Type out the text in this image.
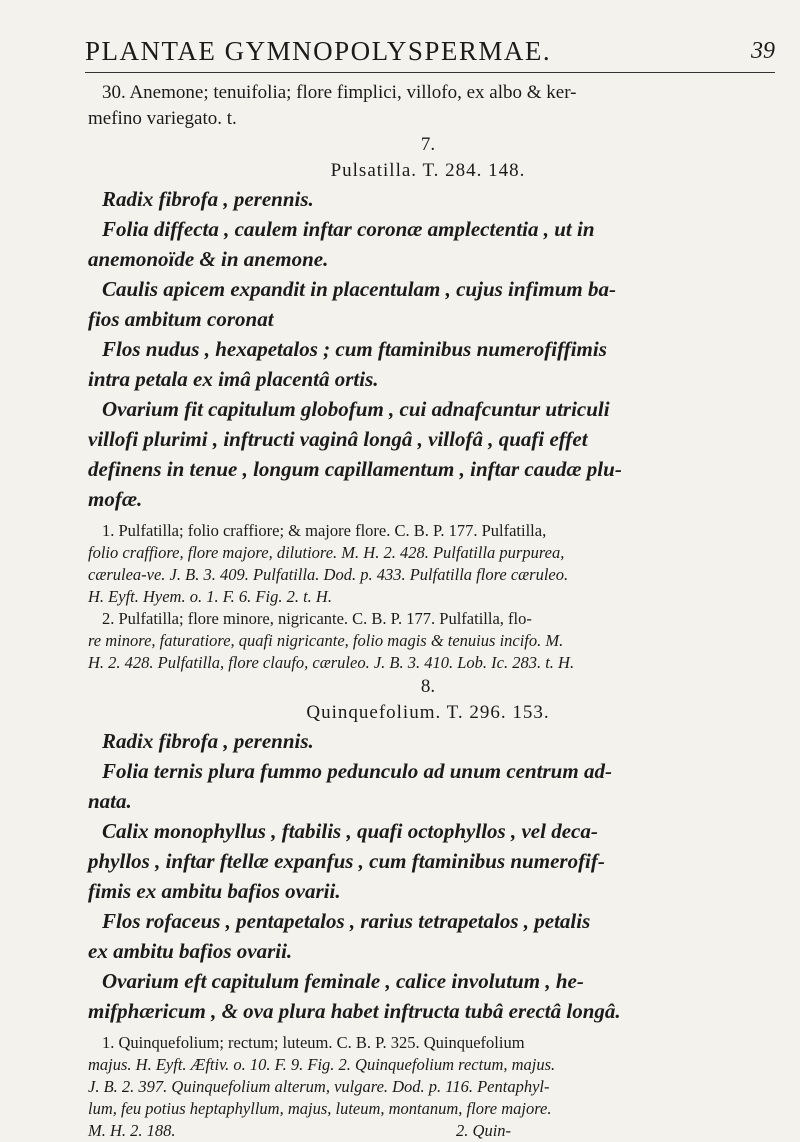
PLANTAE GYMNOPOLYSPERMAE.	39
30. Anemone; tenuifolia; flore fimplici, villofo, ex albo & ker-
mefino variegato. t.
7.
Pulsatilla. T. 284. 148.
Radix fibrofa , perennis.
Folia diffecta , caulem inftar coronæ amplectentia , ut in
anemonoïde & in anemone.
Caulis apicem expandit in placentulam , cujus infimum ba-
fios ambitum coronat
Flos nudus , hexapetalos ; cum ftaminibus numerofiffimis
intra petala ex imâ placentâ ortis.
Ovarium fit capitulum globofum , cui adnafcuntur utriculi
villofi plurimi , inftructi vaginâ longâ , villofâ , quafi effet
definens in tenue , longum capillamentum , inftar caudæ plu-
mofæ.
1. Pulfatilla; folio craffiore; & majore flore. C. B. P. 177. Pulfatilla,
folio craffiore, flore majore, dilutiore. M. H. 2. 428. Pulfatilla purpurea,
cærulea-ve. J. B. 3. 409. Pulfatilla. Dod. p. 433. Pulfatilla flore cæruleo.
H. Eyft. Hyem. o. 1. F. 6. Fig. 2. t. H.
2. Pulfatilla; flore minore, nigricante. C. B. P. 177. Pulfatilla, flo-
re minore, faturatiore, quafi nigricante, folio magis & tenuius incifo. M.
H. 2. 428. Pulfatilla, flore claufo, cæruleo. J. B. 3. 410. Lob. Ic. 283. t. H.
8.
Quinquefolium. T. 296. 153.
Radix fibrofa , perennis.
Folia ternis plura fummo pedunculo ad unum centrum ad-
nata.
Calix monophyllus , ftabilis , quafi octophyllos , vel deca-
phyllos , inftar ftellæ expanfus , cum ftaminibus numerofif-
fimis ex ambitu bafios ovarii.
Flos rofaceus , pentapetalos , rarius tetrapetalos , petalis
ex ambitu bafios ovarii.
Ovarium eft capitulum feminale , calice involutum , he-
mifphæricum , & ova plura habet inftructa tubâ erectâ longâ.
1. Quinquefolium; rectum; luteum. C. B. P. 325. Quinquefolium
majus. H. Eyft. Æftiv. o. 10. F. 9. Fig. 2. Quinquefolium rectum, majus.
J. B. 2. 397. Quinquefolium alterum, vulgare. Dod. p. 116. Pentaphyl-
lum, feu potius heptaphyllum, majus, luteum, montanum, flore majore.
M. H. 2. 188.                                                                    2. Quin-
